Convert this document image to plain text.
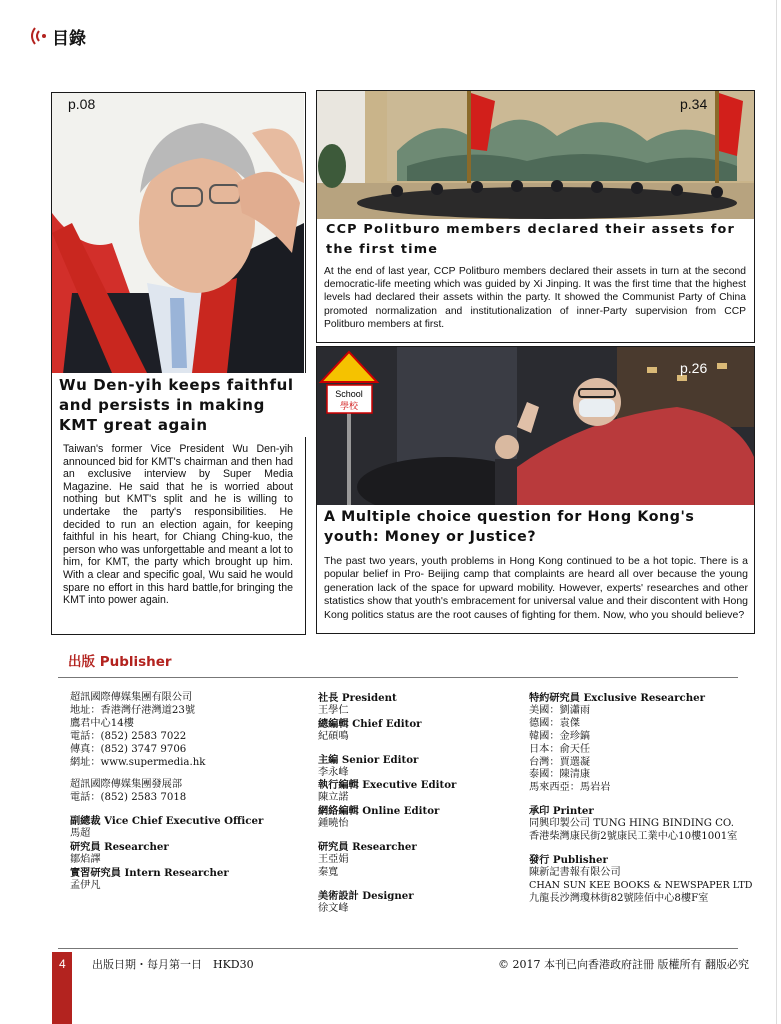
目錄
p.08
Wu Den-yih keeps faithful and persists in making KMT great again
Taiwan's former Vice President Wu Den-yih announced bid for KMT's chairman and then had an exclusive interview by Super Media Magazine. He said that he is worried about nothing but KMT's split and he is willing to undertake the party's responsibilities. He decided to run an election again, for keeping faithful in his heart, for Chiang Ching-kuo, the person who was unforgettable and meant a lot to him, for KMT, the party which brought up him. With a clear and specific goal, Wu said he would spare no effort in this hard battle,for bringing the KMT into power again.
p.34
CCP Politburo members declared their assets for the first time
At the end of last year, CCP Politburo members declared their assets in turn at the second democratic-life meeting which was guided by Xi Jinping. It was the first time that the highest levels had declared their assets within the party. It showed the Communist Party of China promoted normalization and institutionalization of inner-Party supervision from CCP Politburo members at first.
School
學校
p.26
A Multiple choice question for Hong Kong's youth: Money or Justice?
The past two years, youth problems in Hong Kong continued to be a hot topic. There is a popular belief in Pro- Beijing camp that complaints are heard all over because the young generation lack of the space for upward mobility. However, experts' researches and other statistics show that youth's embracement for universal value and their discontent with Hong Kong politics status are the root causes of fighting for them. Now, who you should believe?
出版 Publisher
超訊國際傳媒集團有限公司
地址：香港灣仔港灣道23號
鷹君中心14樓
電話：(852) 2583 7022
傳真：(852) 3747 9706
網址：www.supermedia.hk
超訊國際傳媒集團發展部
電話：(852) 2583 7018
副總裁 Vice Chief Executive Officer
馬超
研究員 Researcher
鄒焰譯
實習研究員 Intern Researcher
孟伊凡
社長 President
王學仁
總編輯 Chief Editor
紀碩鳴
主編 Senior Editor
李永峰
執行編輯 Executive Editor
陳立諾
網絡編輯 Online Editor
鍾曉怡
研究員 Researcher
王亞娟
秦寬
美術設計 Designer
徐文峰
特約研究員 Exclusive Researcher
美國：劉瀟雨
德國：袁傑
韓國：金珍鎬
日本：俞天任
台灣：賈選凝
泰國：陳清康
馬來西亞：馬岩岩
承印 Printer
同興印製公司 TUNG HING BINDING CO.
香港柴灣康民街2號康民工業中心10樓1001室
發行 Publisher
陳新記書報有限公司
CHAN SUN KEE BOOKS & NEWSPAPER LTD
九龍長沙灣瓊林街82號陸佰中心8樓F室
4 出版日期・每月第一日　HKD30	© 2017 本刊已向香港政府註冊 版權所有 翻版必究
